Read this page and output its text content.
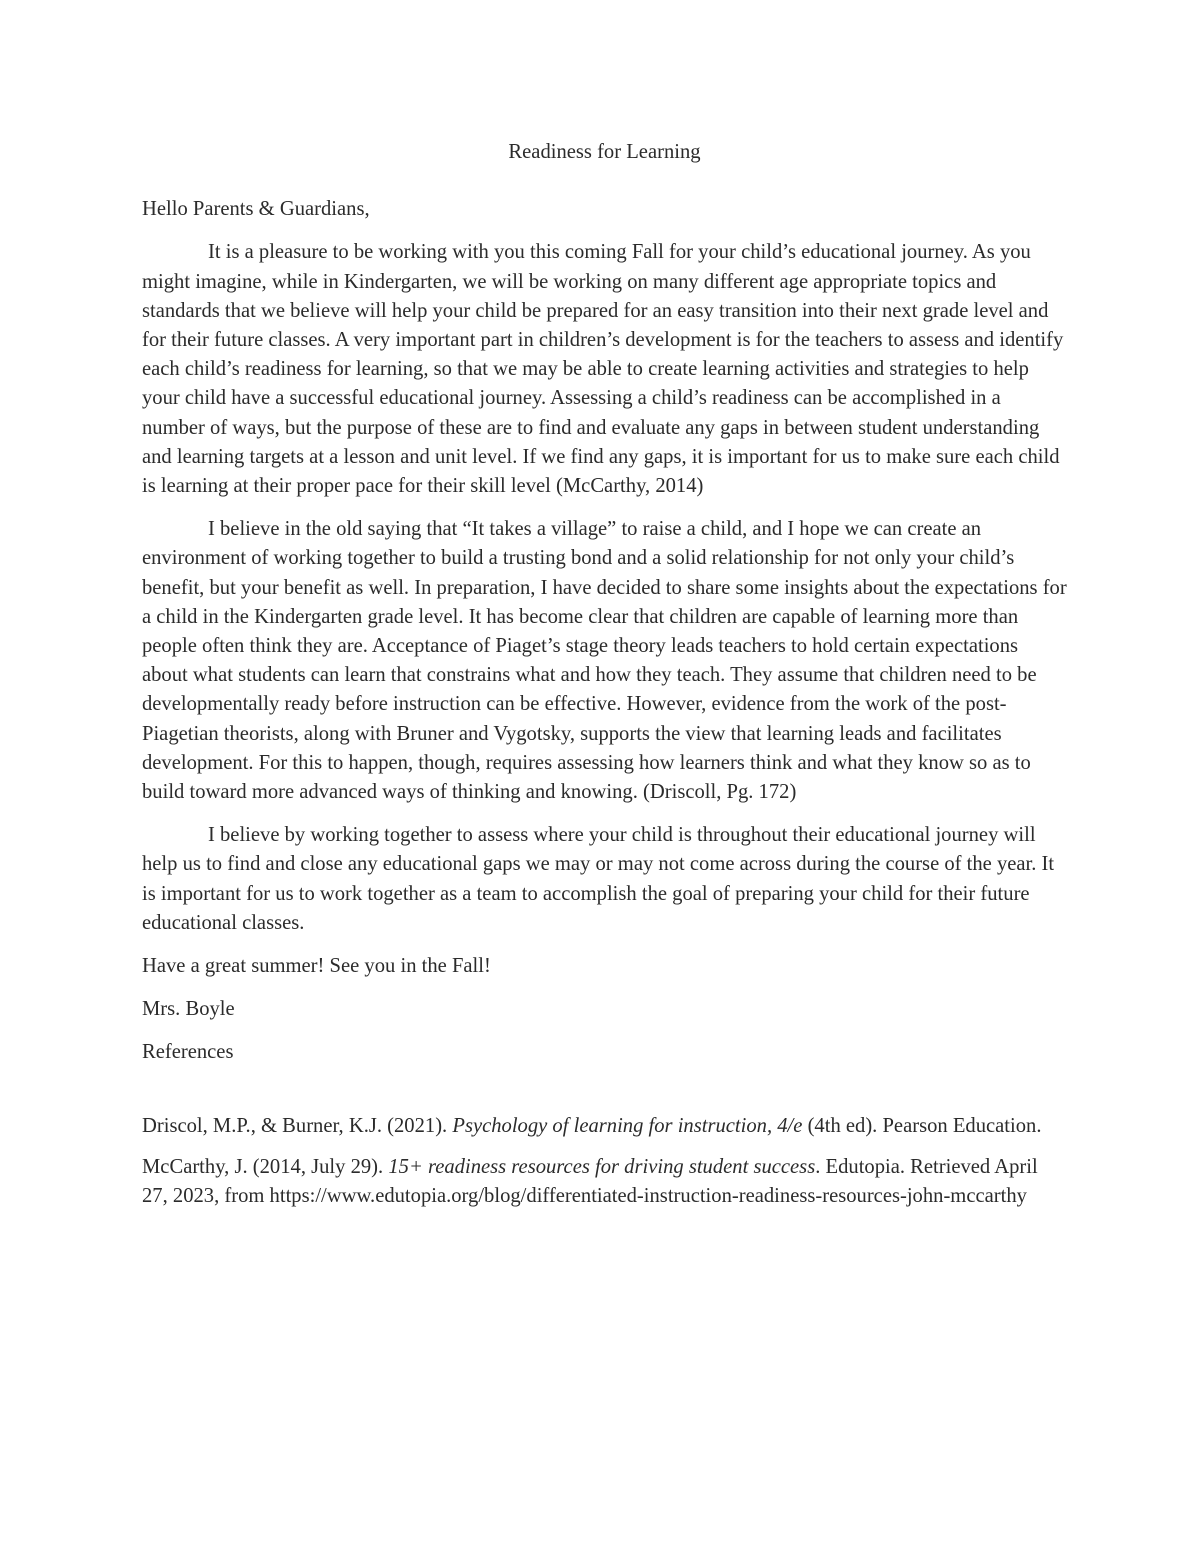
Readiness for Learning

Hello Parents & Guardians,

It is a pleasure to be working with you this coming Fall for your child’s educational journey. As you might imagine, while in Kindergarten, we will be working on many different age appropriate topics and standards that we believe will help your child be prepared for an easy transition into their next grade level and for their future classes. A very important part in children’s development is for the teachers to assess and identify each child’s readiness for learning, so that we may be able to create learning activities and strategies to help your child have a successful educational journey. Assessing a child’s readiness can be accomplished in a number of ways, but the purpose of these are to find and evaluate any gaps in between student understanding and learning targets at a lesson and unit level. If we find any gaps, it is important for us to make sure each child is learning at their proper pace for their skill level (McCarthy, 2014)

I believe in the old saying that “It takes a village” to raise a child, and I hope we can create an environment of working together to build a trusting bond and a solid relationship for not only your child’s benefit, but your benefit as well. In preparation, I have decided to share some insights about the expectations for a child in the Kindergarten grade level. It has become clear that children are capable of learning more than people often think they are. Acceptance of Piaget’s stage theory leads teachers to hold certain expectations about what students can learn that constrains what and how they teach. They assume that children need to be developmentally ready before instruction can be effective. However, evidence from the work of the post-Piagetian theorists, along with Bruner and Vygotsky, supports the view that learning leads and facilitates development. For this to happen, though, requires assessing how learners think and what they know so as to build toward more advanced ways of thinking and knowing. (Driscoll, Pg. 172)

I believe by working together to assess where your child is throughout their educational journey will help us to find and close any educational gaps we may or may not come across during the course of the year. It is important for us to work together as a team to accomplish the goal of preparing your child for their future educational classes.

Have a great summer! See you in the Fall!

Mrs. Boyle

References

Driscol, M.P., & Burner, K.J. (2021). Psychology of learning for instruction, 4/e (4th ed). Pearson Education.

McCarthy, J. (2014, July 29). 15+ readiness resources for driving student success. Edutopia. Retrieved April 27, 2023, from https://www.edutopia.org/blog/differentiated-instruction-readiness-resources-john-mccarthy
